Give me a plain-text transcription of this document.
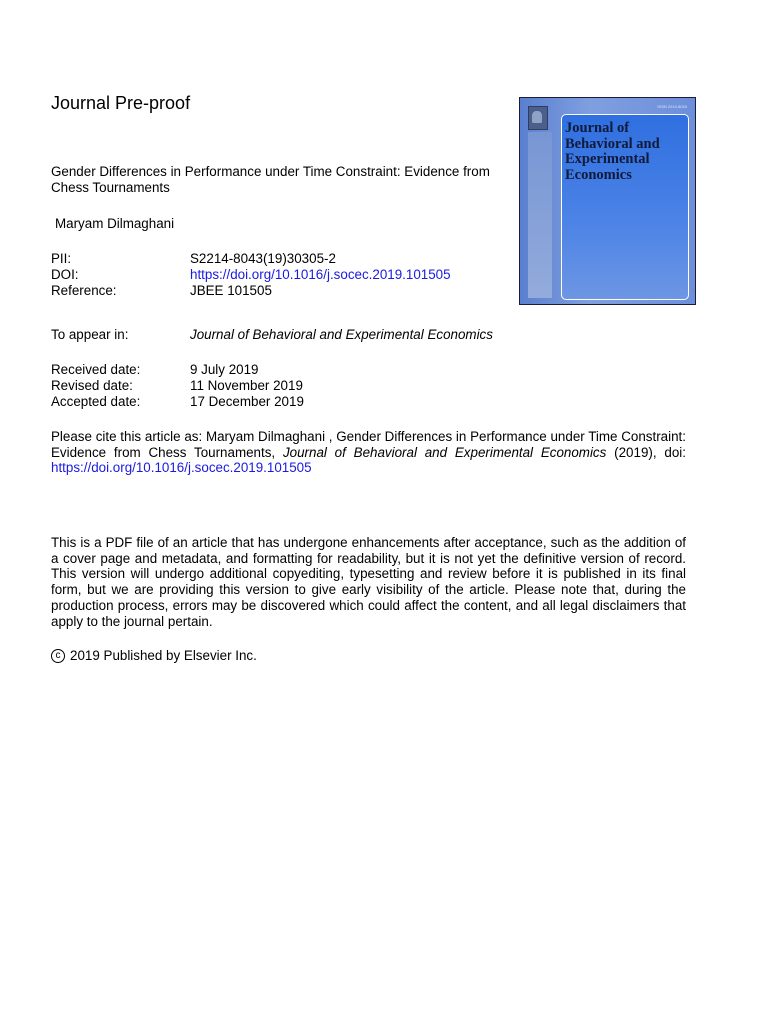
Journal Pre-proof
Gender Differences in Performance under Time Constraint: Evidence from Chess Tournaments
Maryam Dilmaghani
PII:	S2214-8043(19)30305-2
DOI:	https://doi.org/10.1016/j.socec.2019.101505
Reference:	JBEE 101505
To appear in:	Journal of Behavioral and Experimental Economics
Received date:	9 July 2019
Revised date:	11 November 2019
Accepted date:	17 December 2019
Please cite this article as: Maryam Dilmaghani , Gender Differences in Performance under Time Constraint: Evidence from Chess Tournaments, Journal of Behavioral and Experimental Economics (2019), doi: https://doi.org/10.1016/j.socec.2019.101505
This is a PDF file of an article that has undergone enhancements after acceptance, such as the addition of a cover page and metadata, and formatting for readability, but it is not yet the definitive version of record. This version will undergo additional copyediting, typesetting and review before it is published in its final form, but we are providing this version to give early visibility of the article. Please note that, during the production process, errors may be discovered which could affect the content, and all legal disclaimers that apply to the journal pertain.
c 2019 Published by Elsevier Inc.
ISSN 2214-8043
Journal of Behavioral and Experimental Economics
